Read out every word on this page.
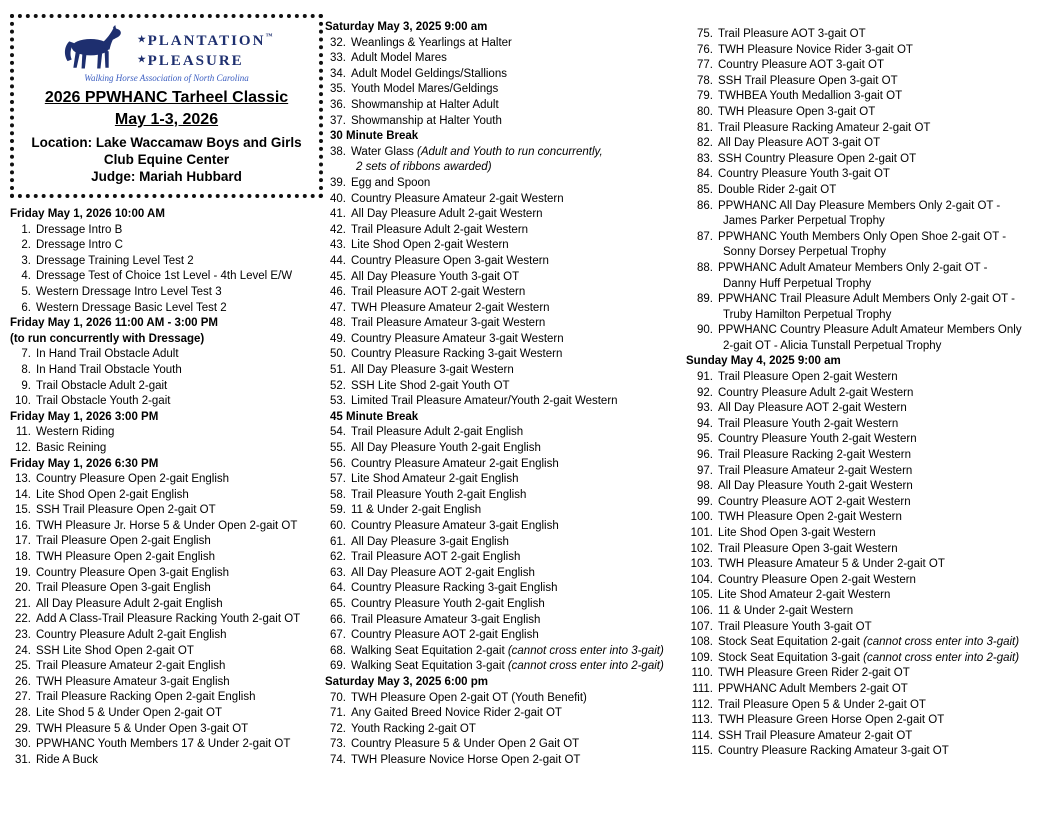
★ PLANTATION™
★ PLEASURE
Walking Horse Association of North Carolina
2026 PPWHANC Tarheel Classic
May 1-3, 2026
Location: Lake Waccamaw Boys and Girls
Club Equine Center
Judge: Mariah Hubbard
Friday May 1, 2026 10:00 AM
1. Dressage Intro B
2. Dressage Intro C
3. Dressage Training Level Test 2
4. Dressage Test of Choice 1st Level - 4th Level E/W
5. Western Dressage Intro Level Test 3
6. Western Dressage Basic Level Test 2
Friday May 1, 2026 11:00 AM - 3:00 PM
(to run concurrently with Dressage)
7. In Hand Trail Obstacle Adult
8. In Hand Trail Obstacle Youth
9. Trail Obstacle Adult 2-gait
10. Trail Obstacle Youth 2-gait
Friday May 1, 2026 3:00 PM
11. Western Riding
12. Basic Reining
Friday May 1, 2026 6:30 PM
13. Country Pleasure Open 2-gait English
14. Lite Shod Open 2-gait English
15. SSH Trail Pleasure Open 2-gait OT
16. TWH Pleasure Jr. Horse 5 & Under Open 2-gait OT
17. Trail Pleasure Open 2-gait English
18. TWH Pleasure Open 2-gait English
19. Country Pleasure Open 3-gait English
20. Trail Pleasure Open 3-gait English
21. All Day Pleasure Adult 2-gait English
22. Add A Class-Trail Pleasure Racking Youth 2-gait OT
23. Country Pleasure Adult 2-gait English
24. SSH Lite Shod Open 2-gait OT
25. Trail Pleasure Amateur 2-gait English
26. TWH Pleasure Amateur 3-gait English
27. Trail Pleasure Racking Open 2-gait English
28. Lite Shod 5 & Under Open 2-gait OT
29. TWH Pleasure 5 & Under Open 3-gait OT
30. PPWHANC Youth Members 17 & Under 2-gait OT
31. Ride A Buck
Saturday May 3, 2025 9:00 am
32. Weanlings & Yearlings at Halter
33. Adult Model Mares
34. Adult Model Geldings/Stallions
35. Youth Model Mares/Geldings
36. Showmanship at Halter Adult
37. Showmanship at Halter Youth
30 Minute Break
38. Water Glass (Adult and Youth to run concurrently,
2 sets of ribbons awarded)
39. Egg and Spoon
40. Country Pleasure Amateur 2-gait Western
41. All Day Pleasure Adult 2-gait Western
42. Trail Pleasure Adult 2-gait Western
43. Lite Shod Open 2-gait Western
44. Country Pleasure Open 3-gait Western
45. All Day Pleasure Youth 3-gait OT
46. Trail Pleasure AOT 2-gait Western
47. TWH Pleasure Amateur 2-gait Western
48. Trail Pleasure Amateur 3-gait Western
49. Country Pleasure Amateur 3-gait Western
50. Country Pleasure Racking 3-gait Western
51. All Day Pleasure 3-gait Western
52. SSH Lite Shod 2-gait Youth OT
53. Limited Trail Pleasure Amateur/Youth 2-gait Western
45 Minute Break
54. Trail Pleasure Adult 2-gait English
55. All Day Pleasure Youth 2-gait English
56. Country Pleasure Amateur 2-gait English
57. Lite Shod Amateur 2-gait English
58. Trail Pleasure Youth 2-gait English
59. 11 & Under 2-gait English
60. Country Pleasure Amateur 3-gait English
61. All Day Pleasure 3-gait English
62. Trail Pleasure AOT 2-gait English
63. All Day Pleasure AOT 2-gait English
64. Country Pleasure Racking 3-gait English
65. Country Pleasure Youth 2-gait English
66. Trail Pleasure Amateur 3-gait English
67. Country Pleasure AOT 2-gait English
68. Walking Seat Equitation 2-gait (cannot cross enter into 3-gait)
69. Walking Seat Equitation 3-gait (cannot cross enter into 2-gait)
Saturday May 3, 2025 6:00 pm
70. TWH Pleasure Open 2-gait OT (Youth Benefit)
71. Any Gaited Breed Novice Rider 2-gait OT
72. Youth Racking 2-gait OT
73. Country Pleasure 5 & Under Open 2 Gait OT
74. TWH Pleasure Novice Horse Open 2-gait OT
75. Trail Pleasure AOT 3-gait OT
76. TWH Pleasure Novice Rider 3-gait OT
77. Country Pleasure AOT 3-gait OT
78. SSH Trail Pleasure Open 3-gait OT
79. TWHBEA Youth Medallion 3-gait OT
80. TWH Pleasure Open 3-gait OT
81. Trail Pleasure Racking Amateur 2-gait OT
82. All Day Pleasure AOT 3-gait OT
83. SSH Country Pleasure Open 2-gait OT
84. Country Pleasure Youth 3-gait OT
85. Double Rider 2-gait OT
86. PPWHANC All Day Pleasure Members Only 2-gait OT -
James Parker Perpetual Trophy
87. PPWHANC Youth Members Only Open Shoe 2-gait OT -
Sonny Dorsey Perpetual Trophy
88. PPWHANC Adult Amateur Members Only 2-gait OT -
Danny Huff Perpetual Trophy
89. PPWHANC Trail Pleasure Adult Members Only 2-gait OT -
Truby Hamilton Perpetual Trophy
90. PPWHANC Country Pleasure Adult Amateur Members Only
2-gait OT - Alicia Tunstall Perpetual Trophy
Sunday May 4, 2025 9:00 am
91. Trail Pleasure Open 2-gait Western
92. Country Pleasure Adult 2-gait Western
93. All Day Pleasure AOT 2-gait Western
94. Trail Pleasure Youth 2-gait Western
95. Country Pleasure Youth 2-gait Western
96. Trail Pleasure Racking 2-gait Western
97. Trail Pleasure Amateur 2-gait Western
98. All Day Pleasure Youth 2-gait Western
99. Country Pleasure AOT 2-gait Western
100. TWH Pleasure Open 2-gait Western
101. Lite Shod Open 3-gait Western
102. Trail Pleasure Open 3-gait Western
103. TWH Pleasure Amateur 5 & Under 2-gait OT
104. Country Pleasure Open 2-gait Western
105. Lite Shod Amateur 2-gait Western
106. 11 & Under 2-gait Western
107. Trail Pleasure Youth 3-gait OT
108. Stock Seat Equitation 2-gait (cannot cross enter into 3-gait)
109. Stock Seat Equitation 3-gait (cannot cross enter into 2-gait)
110. TWH Pleasure Green Rider 2-gait OT
111. PPWHANC Adult Members 2-gait OT
112. Trail Pleasure Open 5 & Under 2-gait OT
113. TWH Pleasure Green Horse Open 2-gait OT
114. SSH Trail Pleasure Amateur 2-gait OT
115. Country Pleasure Racking Amateur 3-gait OT
